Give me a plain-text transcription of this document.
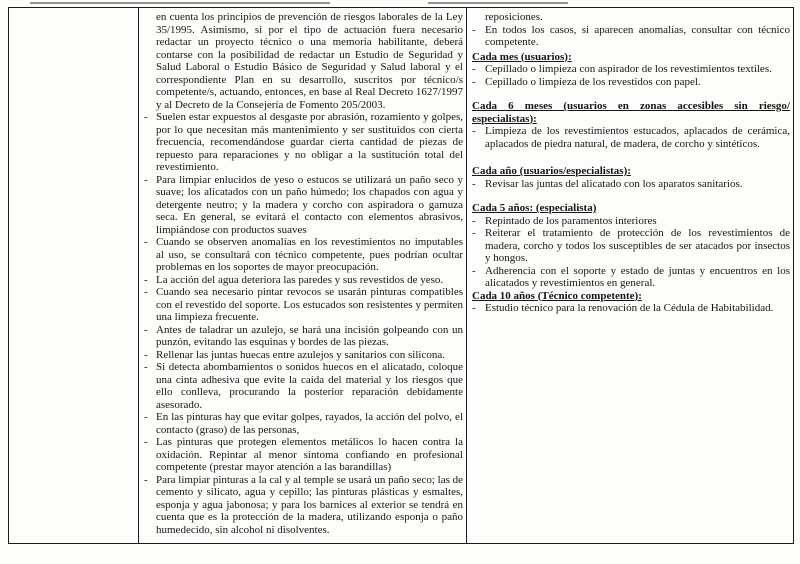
en cuenta los principios de prevención de riesgos laborales de la Ley 35/1995. Asimismo, si por el tipo de actuación fuera necesario redactar un proyecto técnico o una memoria habilitante, deberá contarse con la posibilidad de redactar un Estudio de Seguridad y Salud Laboral o Estudio Básico de Seguridad y Salud laboral y el correspondiente Plan en su desarrollo, suscritos por técnico/s competente/s, actuando, entonces, en base al Real Decreto 1627/1997 y al Decreto de la Consejería de Fomento 205/2003.

- Suelen estar expuestos al desgaste por abrasión, rozamiento y golpes, por lo que necesitan más mantenimiento y ser sustituidos con cierta frecuencia, recomendándose guardar cierta cantidad de piezas de repuesto para reparaciones y no obligar a la sustitución total del revestimiento.
- Para limpiar enlucidos de yeso o estucos se utilizará un paño seco y suave; los alicatados con un paño húmedo; los chapados con agua y detergente neutro; y la madera y corcho con aspiradora o gamuza seca. En general, se evitará el contacto con elementos abrasivos, limpiándose con productos suaves
- Cuando se observen anomalías en los revestimientos no imputables al uso, se consultará con técnico competente, pues podrían ocultar problemas en los soportes de mayor preocupación.
- La acción del agua deteriora las paredes y sus revestidos de yeso.
- Cuando sea necesario pintar revocos se usarán pinturas compatibles con el revestido del soporte. Los estucados son resistentes y permiten una limpieza frecuente.
- Antes de taladrar un azulejo, se hará una incisión golpeando con un punzón, evitando las esquinas y bordes de las piezas.
- Rellenar las juntas huecas entre azulejos y sanitarios con silicona.
- Si detecta abombamientos o sonidos huecos en el alicatado, coloque una cinta adhesiva que evite la caída del material y los riesgos que ello conlleva, procurando la posterior reparación debidamente asesorado.
- En las pinturas hay que evitar golpes, rayados, la acción del polvo, el contacto (graso) de las personas,
- Las pinturas que protegen elementos metálicos lo hacen contra la oxidación. Repintar al menor síntoma confiando en profesional competente (prestar mayor atención a las barandillas)
- Para limpiar pinturas a la cal y al temple se usará un paño seco; las de cemento y silicato, agua y cepillo; las pinturas plásticas y esmaltes, esponja y agua jabonosa; y para los barnices al exterior se tendrá en cuenta que es la protección de la madera, utilizando esponja o paño humedecido, sin alcohol ni disolventes.

reposiciones.

- En todos los casos, si aparecen anomalías, consultar con técnico competente.
Cada mes (usuarios):
- Cepillado o limpieza con aspirador de los revestimientos textiles.
- Cepillado o limpieza de los revestidos con papel.
Cada 6 meses (usuarios en zonas accesibles sin riesgo/ especialistas):
- Limpieza de los revestimientos estucados, aplacados de cerámica, aplacados de piedra natural, de madera, de corcho y sintéticos.
Cada año (usuarios/especialistas):
- Revisar las juntas del alicatado con los aparatos sanitarios.
Cada 5 años: (especialista)
- Repintado de los paramentos interiores
- Reiterar el tratamiento de protección de los revestimientos de madera, corcho y todos los susceptibles de ser atacados por insectos y hongos.
- Adherencia con el soporte y estado de juntas y encuentros en los alicatados y revestimientos en general.
Cada 10 años (Técnico competente):
- Estudio técnico para la renovación de la Cédula de Habitabilidad.
